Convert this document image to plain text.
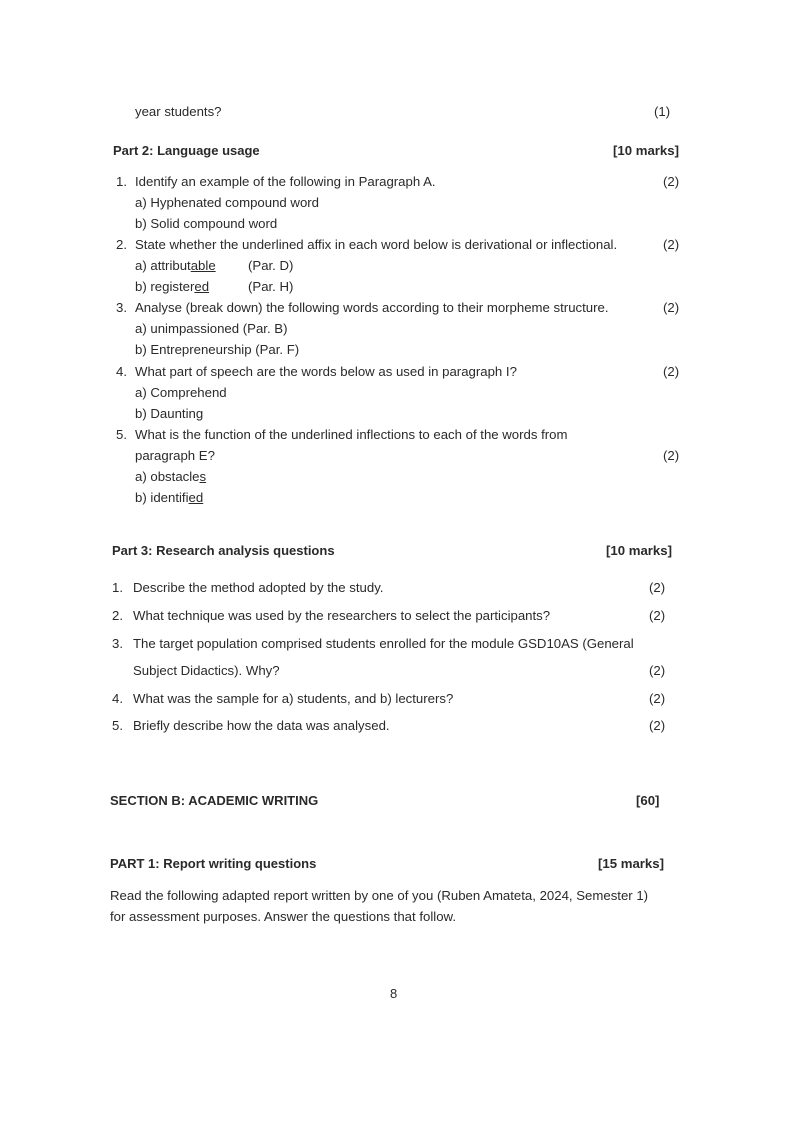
year students?	(1)
Part 2: Language usage	[10 marks]
1. Identify an example of the following in Paragraph A.	(2)
a) Hyphenated compound word
b) Solid compound word
2. State whether the underlined affix in each word below is derivational or inflectional.	(2)
a) attributable (Par. D)
b) registered	(Par. H)
3. Analyse (break down) the following words according to their morpheme structure.	(2)
a) unimpassioned (Par. B)
b) Entrepreneurship (Par. F)
4. What part of speech are the words below as used in paragraph I?	(2)
a) Comprehend
b) Daunting
5. What is the function of the underlined inflections to each of the words from
paragraph E?	(2)
a) obstacles
b) identified
Part 3: Research analysis questions	[10 marks]
1. Describe the method adopted by the study.	(2)
2. What technique was used by the researchers to select the participants?	(2)
3. The target population comprised students enrolled for the module GSD10AS (General
Subject Didactics). Why?	(2)
4. What was the sample for a) students, and b) lecturers?	(2)
5. Briefly describe how the data was analysed.	(2)
SECTION B: ACADEMIC WRITING	[60]
PART 1: Report writing questions	[15 marks]
Read the following adapted report written by one of you (Ruben Amateta, 2024, Semester 1)
for assessment purposes. Answer the questions that follow.
8
